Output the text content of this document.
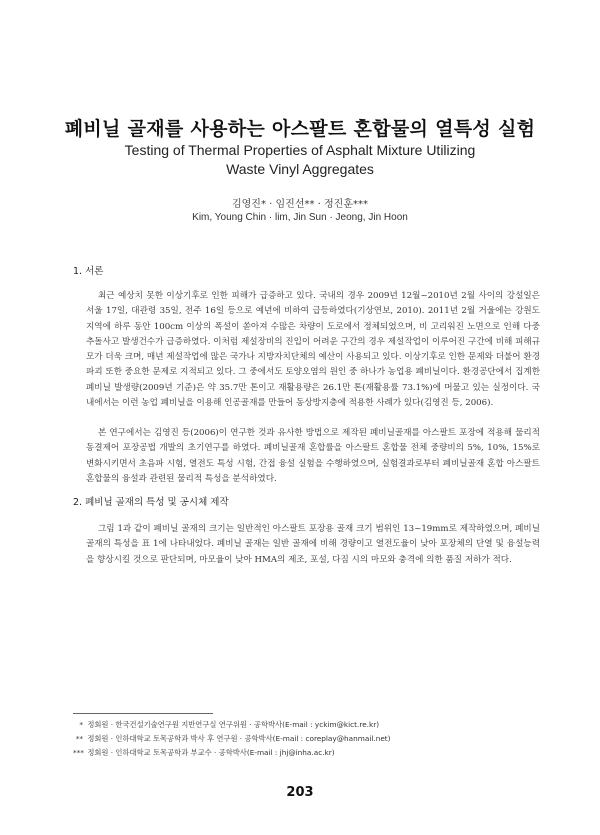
폐비닐 골재를 사용하는 아스팔트 혼합물의 열특성 실험

Testing of Thermal Properties of Asphalt Mixture Utilizing

Waste Vinyl Aggregates

김영진* · 임진선** · 정진훈***

Kim, Young Chin · lim, Jin Sun · Jeong, Jin Hoon

1. 서론

최근 예상치 못한 이상기후로 인한 피해가 급증하고 있다. 국내의 경우 2009년 12월~2010년 2월 사이의 강설일은 서울 17일, 대관령 35일, 전주 16일 등으로 예년에 비하여 급등하였다(기상연보, 2010). 2011년 2월 거울에는 강원도 지역에 하루 동안 100cm 이상의 폭설이 쏟아져 수많은 차량이 도로에서 정체되었으며, 비 고리워진 노면으로 인해 다중 추돌사고 발생건수가 급증하였다. 이처럼 제설장비의 진입이 어려운 구간의 경우 제설작업이 이루어진 구간에 비해 피해규모가 더욱 크며, 매년 제설작업에 많은 국가나 지방자치단체의 예산이 사용되고 있다. 이상기후로 인한 문제와 더불어 환경파괴 또한 중요한 문제로 지적되고 있다. 그 중에서도 토양오염의 원인 중 하나가 농업용 폐비닐이다. 환경공단에서 집계한 폐비닐 발생량(2009년 기준)은 약 35.7만 톤이고 재활용량은 26.1만 톤(재활용률 73.1%)에 머물고 있는 실정이다. 국내에서는 이런 농업 폐비닐을 이용해 인공골재를 만들어 동상방지층에 적용한 사례가 있다(김영진 등, 2006).

본 연구에서는 김영진 등(2006)이 연구한 것과 유사한 방법으로 제작된 폐비닐골재를 아스팔트 포장에 적용해 물리적 동결제어 포장공법 개발의 초기연구를 하였다. 폐비닐골재 혼합률을 아스팔트 혼합물 전체 중량비의 5%, 10%, 15%로 변화시키면서 초음파 시험, 열전도 특성 시험, 간접 융설 실험을 수행하였으며, 실험결과로부터 폐비닐골재 혼합 아스팔트 혼합물의 융설과 관련된 물리적 특성을 분석하였다.

2. 폐비닐 골재의 특성 및 공시체 제작

그림 1과 같이 폐비닐 골재의 크기는 일반적인 아스팔트 포장용 골재 크기 범위인 13~19mm로 제작하였으며, 폐비닐 골재의 특성을 표 1에 나타내었다. 폐비닐 골재는 일반 골재에 비해 경량이고 열전도율이 낮아 포장체의 단열 및 융설능력을 향상시킬 것으로 판단되며, 마모율이 낮아 HMA의 제조, 포설, 다짐 시의 마모와 충격에 의한 품질 저하가 적다.

* 정회원 · 한국건설기술연구원 지반연구실 연구위원 · 공학박사(E-mail : yckim@kict.re.kr)
** 정회원 · 인하대학교 토목공학과 박사 후 연구원 · 공학박사(E-mail : coreplay@hanmail.net)
*** 정회원 · 인하대학교 토목공학과 부교수 · 공학박사(E-mail : jhj@inha.ac.kr)

203
